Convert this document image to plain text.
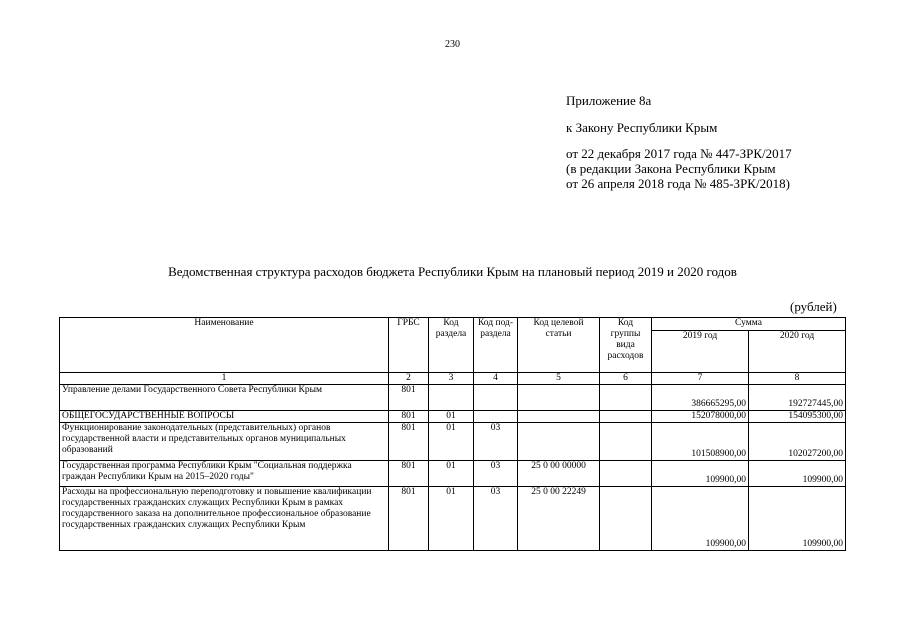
230
Приложение 8а
к Закону Республики Крым
от 22 декабря 2017 года № 447-ЗРК/2017
(в редакции Закона Республики Крым
от 26 апреля 2018 года № 485-ЗРК/2018)
Ведомственная структура расходов бюджета Республики Крым на плановый период 2019 и 2020 годов
(рублей)
Наименование	ГРБС	Код раздела	Код под-раздела	Код целевой статьи	Код группы вида расходов	Сумма	
						2019 год	2020 год
1	2	3	4	5	6	7	8
Управление делами Государственного Совета Республики Крым	801					386665295,00	192727445,00
ОБЩЕГОСУДАРСТВЕННЫЕ ВОПРОСЫ	801	01				152078000,00	154095300,00
Функционирование законодательных (представительных) органов государственной власти и представительных органов муниципальных образований	801	01	03			101508900,00	102027200,00
Государственная программа Республики Крым "Социальная поддержка граждан Республики Крым на 2015–2020 годы"	801	01	03	25 0 00 00000		109900,00	109900,00
Расходы на профессиональную переподготовку и повышение квалификации государственных гражданских служащих Республики Крым в рамках государственного заказа на дополнительное профессиональное образование государственных гражданских служащих Республики Крым	801	01	03	25 0 00 22249		109900,00	109900,00
